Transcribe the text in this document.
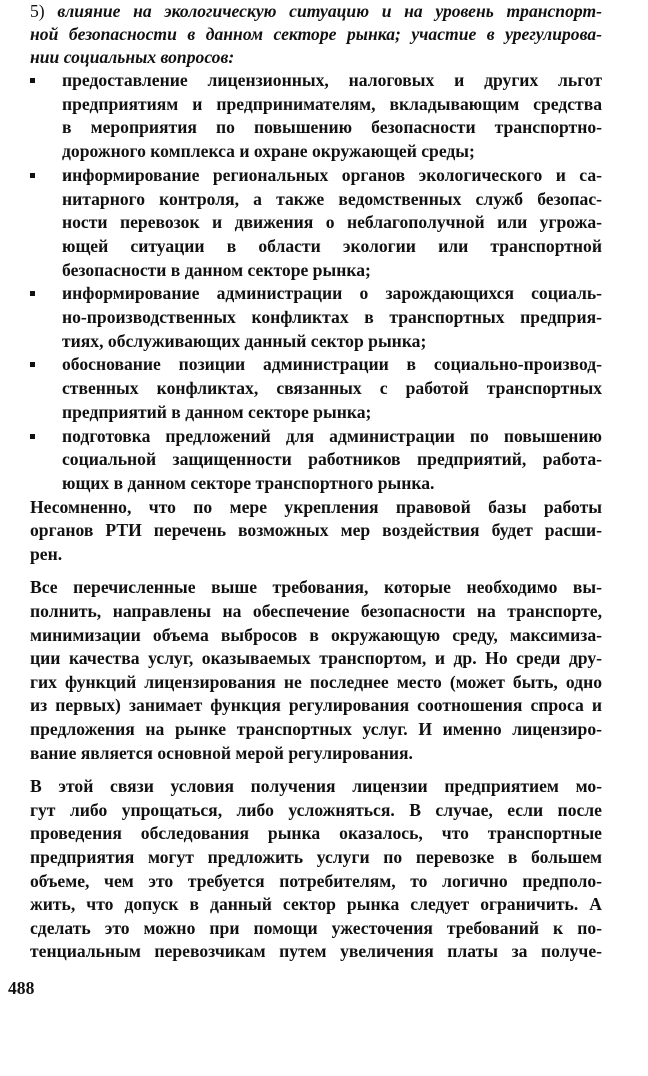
5) влияние на экологическую ситуацию и на уровень транспорт-
ной безопасности в данном секторе рынка; участие в урегулирова-
нии социальных вопросов:
предоставление лицензионных, налоговых и других льгот
предприятиям и предпринимателям, вкладывающим средства
в мероприятия по повышению безопасности транспортно-
дорожного комплекса и охране окружающей среды;
информирование региональных органов экологического и са-
нитарного контроля, а также ведомственных служб безопас-
ности перевозок и движения о неблагополучной или угрожа-
ющей ситуации в области экологии или транспортной
безопасности в данном секторе рынка;
информирование администрации о зарождающихся социаль-
но-производственных конфликтах в транспортных предприя-
тиях, обслуживающих данный сектор рынка;
обоснование позиции администрации в социально-производ-
ственных конфликтах, связанных с работой транспортных
предприятий в данном секторе рынка;
подготовка предложений для администрации по повышению
социальной защищенности работников предприятий, работа-
ющих в данном секторе транспортного рынка.

Несомненно, что по мере укрепления правовой базы работы
органов РТИ перечень возможных мер воздействия будет расши-
рен.

Все перечисленные выше требования, которые необходимо вы-
полнить, направлены на обеспечение безопасности на транспорте,
минимизации объема выбросов в окружающую среду, максимиза-
ции качества услуг, оказываемых транспортом, и др. Но среди дру-
гих функций лицензирования не последнее место (может быть, одно
из первых) занимает функция регулирования соотношения спроса и
предложения на рынке транспортных услуг. И именно лицензиро-
вание является основной мерой регулирования.

В этой связи условия получения лицензии предприятием мо-
гут либо упрощаться, либо усложняться. В случае, если после
проведения обследования рынка оказалось, что транспортные
предприятия могут предложить услуги по перевозке в большем
объеме, чем это требуется потребителям, то логично предполо-
жить, что допуск в данный сектор рынка следует ограничить. А
сделать это можно при помощи ужесточения требований к по-
тенциальным перевозчикам путем увеличения платы за получе-

488
